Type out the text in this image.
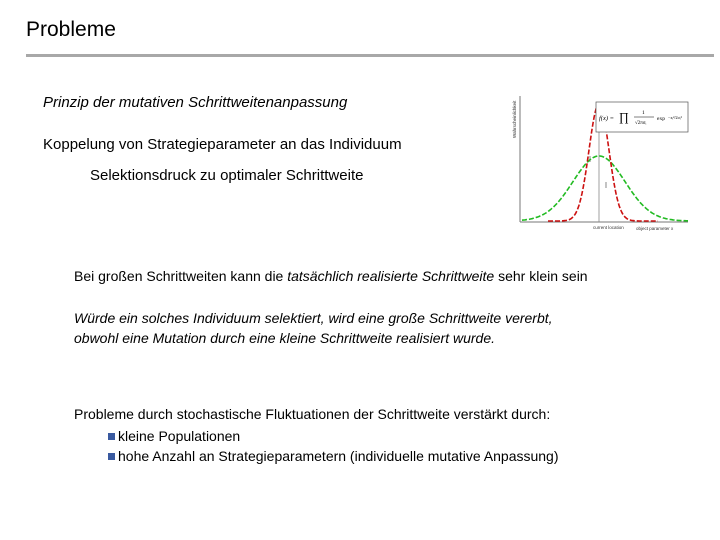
Probleme
Prinzip der mutativen Schrittweitenanpassung
Koppelung von Strategieparameter an das Individuum
Selektionsdruck zu optimaler Schrittweite
Bei großen Schrittweiten kann die tatsächlich realisierte Schrittweite sehr klein sein
Würde ein solches Individuum selektiert, wird eine große Schrittweite vererbt,
obwohl eine Mutation durch eine kleine Schrittweite realisiert wurde.
Probleme durch stochastische Fluktuationen der Schrittweite verstärkt durch:
kleine Populationen
hohe Anzahl an Strategieparametern (individuelle mutative Anpassung)
Wahrscheinlichkeit
object parameter x
current location
f(x) = ∏ 1
√2πσᵢ
exp −xᵢ²/2σᵢ²
